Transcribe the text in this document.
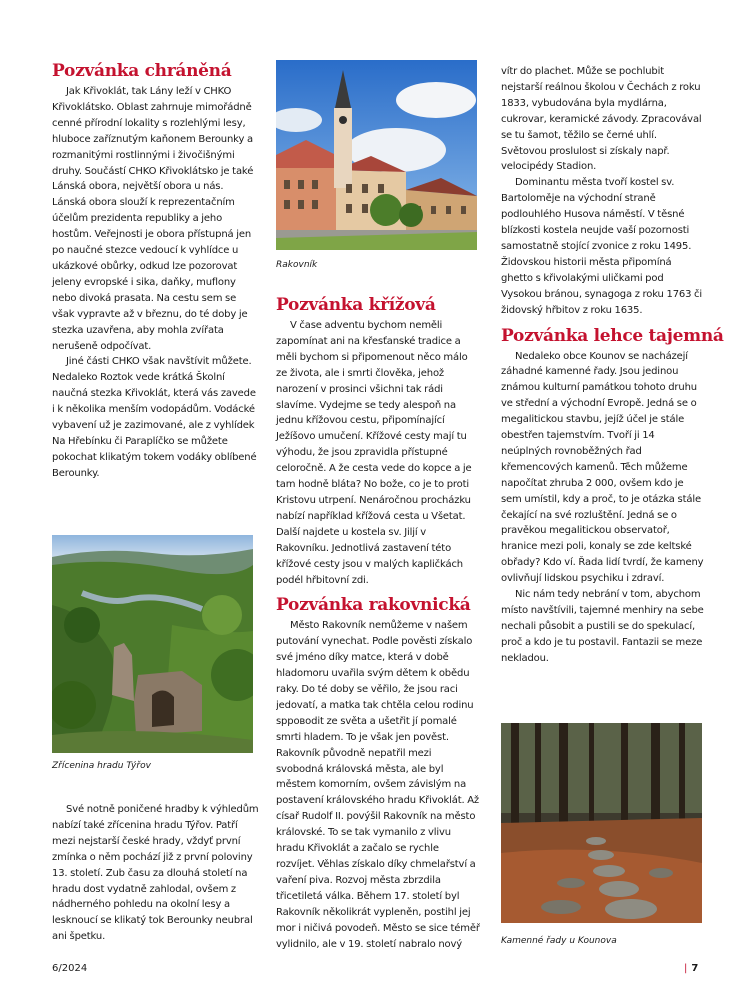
Pozvánka chráněná

Jak Křivoklát, tak Lány leží v CHKO Křivoklátsko. Oblast zahrnuje mimořádně cenné přírodní lokality s rozlehlými lesy, hluboce zaříznutým kaňonem Berounky a rozmanitými rostlinnými i živočišnými druhy. Součástí CHKO Křivoklátsko je také Lánská obora, největší obora u nás. Lánská obora slouží k reprezentačním účelům prezidenta republiky a jeho hostům. Veřejnosti je obora přístupná jen po naučné stezce vedoucí k vyhlídce u ukázkové obůrky, odkud lze pozorovat jeleny evropské i sika, daňky, muflony nebo divoká prasata. Na cestu sem se však vypravte až v březnu, do té doby je stezka uzavřena, aby mohla zvířata nerušeně odpočívat.

Jiné části CHKO však navštívit můžete. Nedaleko Roztok vede krátká Školní naučná stezka Křivoklát, která vás zavede i k několika menším vodopádům. Vodácké vybavení už je zazimované, ale z vyhlídek Na Hřebínku či Paraplíčko se můžete pokochat klikatým tokem vodáky oblíbené Berounky.

Zřícenina hradu Týřov

Své notně poničené hradby k výhledům nabízí také zřícenina hradu Týřov. Patří mezi nejstarší české hrady, vždyť první zmínka o něm pochází již z první poloviny 13. století. Zub času za dlouhá století na hradu dost vydatně zahlodal, ovšem z nádherného pohledu na okolní lesy a lesknoucí se klikatý tok Berounky neubral ani špetku.

Rakovník
Pozvánka křížová

V čase adventu bychom neměli zapomínat ani na křesťanské tradice a měli bychom si připomenout něco málo ze života, ale i smrti člověka, jehož narození v prosinci všichni tak rádi slavíme. Vydejme se tedy alespoň na jednu křížovou cestu, připomínající Ježíšovo umučení. Křížové cesty mají tu výhodu, že jsou zpravidla přístupné celoročně. A že cesta vede do kopce a je tam hodně bláta? No bože, co je to proti Kristovu utrpení. Nenáročnou procházku nabízí například křížová cesta u Všetat. Další najdete u kostela sv. Jiljí v Rakovníku. Jednotlivá zastavení této křížové cesty jsou v malých kapličkách podél hřbitovní zdi.

Pozvánka rakovnická

Město Rakovník nemůžeme v našem putování vynechat. Podle pověsti získalo své jméno díky matce, která v době hladomoru uvařila svým dětem k obědu raky. Do té doby se věřilo, že jsou raci jedovatí, a matka tak chtěla celou rodinu spровodit ze světa a ušetřit jí pomalé smrti hladem. To je však jen pověst. Rakovník původně nepatřil mezi svobodná královská města, ale byl městem komorním, ovšem závislým na postavení královského hradu Křivoklát. Až císař Rudolf II. povýšil Rakovník na město královské. To se tak vymanilo z vlivu hradu Křivoklát a začalo se rychle rozvíjet. Věhlas získalo díky chmelařství a vaření piva. Rozvoj města zbrzdila třicetiletá válka. Během 17. století byl Rakovník několikrát vypleněn, postihl jej mor i ničivá povodeň. Město se sice téměř vylidnilo, ale v 19. století nabralo nový

vítr do plachet. Může se pochlubit nejstarší reálnou školou v Čechách z roku 1833, vybudována byla mydlárna, cukrovar, keramické závody. Zpracovával se tu šamot, těžilo se černé uhlí. Světovou proslulost si získaly např. velocipédy Stadion.

Dominantu města tvoří kostel sv. Bartoloměje na východní straně podlouhlého Husova náměstí. V těsné blízkosti kostela neujde vaší pozornosti samostatně stojící zvonice z roku 1495. Židovskou historii města připomíná ghetto s křivolakými uličkami pod Vysokou bránou, synagoga z roku 1763 či židovský hřbitov z roku 1635.

Pozvánka lehce tajemná

Nedaleko obce Kounov se nacházejí záhadné kamenné řady. Jsou jedinou známou kulturní památkou tohoto druhu ve střední a východní Evropě. Jedná se o megalitickou stavbu, jejíž účel je stále obestřen tajemstvím. Tvoří ji 14 neúplných rovnoběžných řad křemencových kamenů. Těch můžeme napočítat zhruba 2 000, ovšem kdo je sem umístil, kdy a proč, to je otázka stále čekající na své rozluštění. Jedná se o pravěkou megalitickou observatoř, hranice mezi poli, konaly se zde keltské obřady? Kdo ví. Řada lidí tvrdí, že kameny ovlivňují lidskou psychiku i zdraví.

Nic nám tedy nebrání v tom, abychom místo navštívili, tajemné menhiry na sebe nechali působit a pustili se do spekulací, proč a kdo je tu postavil. Fantazii se meze nekladou.

Kamenné řady u Kounova
6/2024	| 7
